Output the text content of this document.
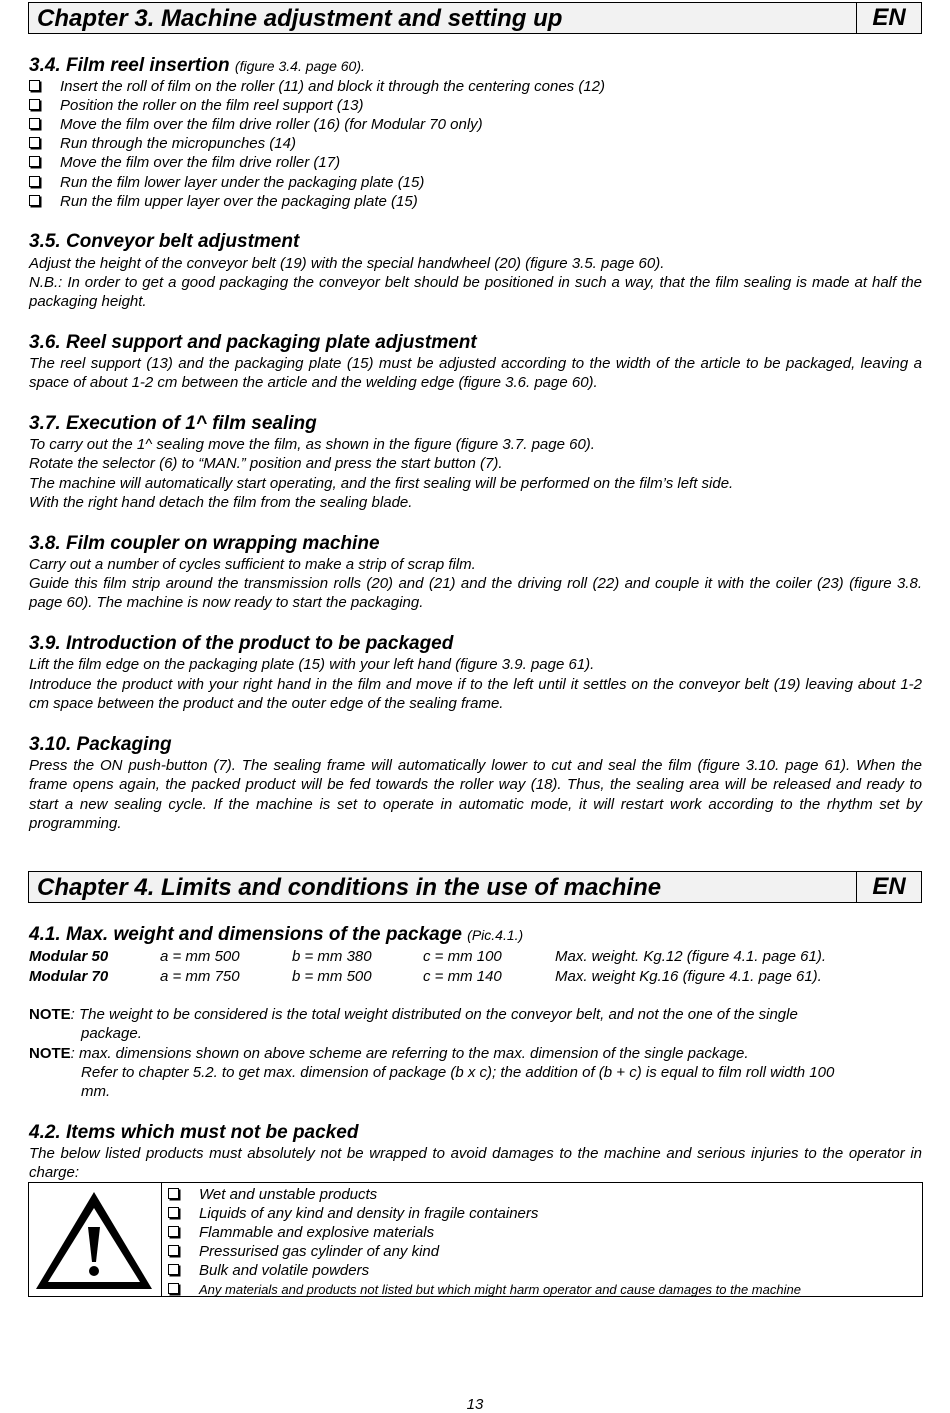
Chapter 3. Machine adjustment and setting up	EN
3.4. Film reel insertion (figure 3.4. page 60).
Insert the roll of film on the roller (11) and block it through the centering cones (12)
Position the roller on the film reel support (13)
Move the film over the film drive roller (16) (for Modular 70 only)
Run through the micropunches (14)
Move the film over the film drive roller (17)
Run the film lower layer under the packaging plate (15)
Run the film upper layer over the packaging plate (15)
3.5. Conveyor belt adjustment
Adjust the height of the conveyor belt (19) with the special handwheel (20) (figure 3.5. page 60).
N.B.: In order to get a good packaging the conveyor belt should be positioned in such a way, that the film sealing is made at half the packaging height.
3.6. Reel support and packaging plate adjustment
The reel support (13) and the packaging plate (15) must be adjusted according to the width of the article to be packaged, leaving a space of about 1-2 cm between the article and the welding edge (figure 3.6. page 60).
3.7. Execution of 1^ film sealing
To carry out the 1^ sealing move the film, as shown in the figure (figure 3.7. page 60).
Rotate the selector (6) to “MAN.” position and press the start button (7).
The machine will automatically start operating, and the first sealing will be performed on the film’s left side.
With the right hand detach the film from the sealing blade.
3.8. Film coupler on wrapping machine
Carry out a number of cycles sufficient to make a strip of scrap film.
Guide this film strip around the transmission rolls (20) and (21) and the driving roll (22) and couple it with the coiler (23) (figure 3.8. page 60). The machine is now ready to start the packaging.
3.9. Introduction of the product to be packaged
Lift the film edge on the packaging plate (15) with your left hand (figure 3.9. page 61).
Introduce the product with your right hand in the film and move if to the left until it settles on the conveyor belt (19) leaving about 1-2 cm space between the product and the outer edge of the sealing frame.
3.10. Packaging
Press the ON push-button (7). The sealing frame will automatically lower to cut and seal the film (figure 3.10. page 61). When the frame opens again, the packed product will be fed towards the roller way (18). Thus, the sealing area will be released and ready to start a new sealing cycle. If the machine is set to operate in automatic mode, it will restart work according to the rhythm set by programming.
Chapter 4. Limits and conditions in the use of machine	EN
4.1. Max. weight and dimensions of the package (Pic.4.1.)
Modular 50	a = mm 500	b = mm 380	c = mm 100	Max. weight. Kg.12 (figure 4.1. page 61).
Modular 70	a = mm 750	b = mm 500	c = mm 140	Max. weight Kg.16 (figure 4.1. page 61).
NOTE: The weight to be considered is the total weight distributed on the conveyor belt, and not the one of the single
package.
NOTE: max. dimensions shown on above scheme are referring to the max. dimension of the single package.
Refer to chapter 5.2. to get max. dimension of package (b x c); the addition of (b + c) is equal to film roll width 100
mm.
4.2. Items which must not be packed
The below listed products must absolutely not be wrapped to avoid damages to the machine and serious injuries to the operator in charge:
Wet and unstable products
Liquids of any kind and density in fragile containers
Flammable and explosive materials
Pressurised gas cylinder of any kind
Bulk and volatile powders
Any materials and products not listed but which might harm operator and cause damages to the machine
13
